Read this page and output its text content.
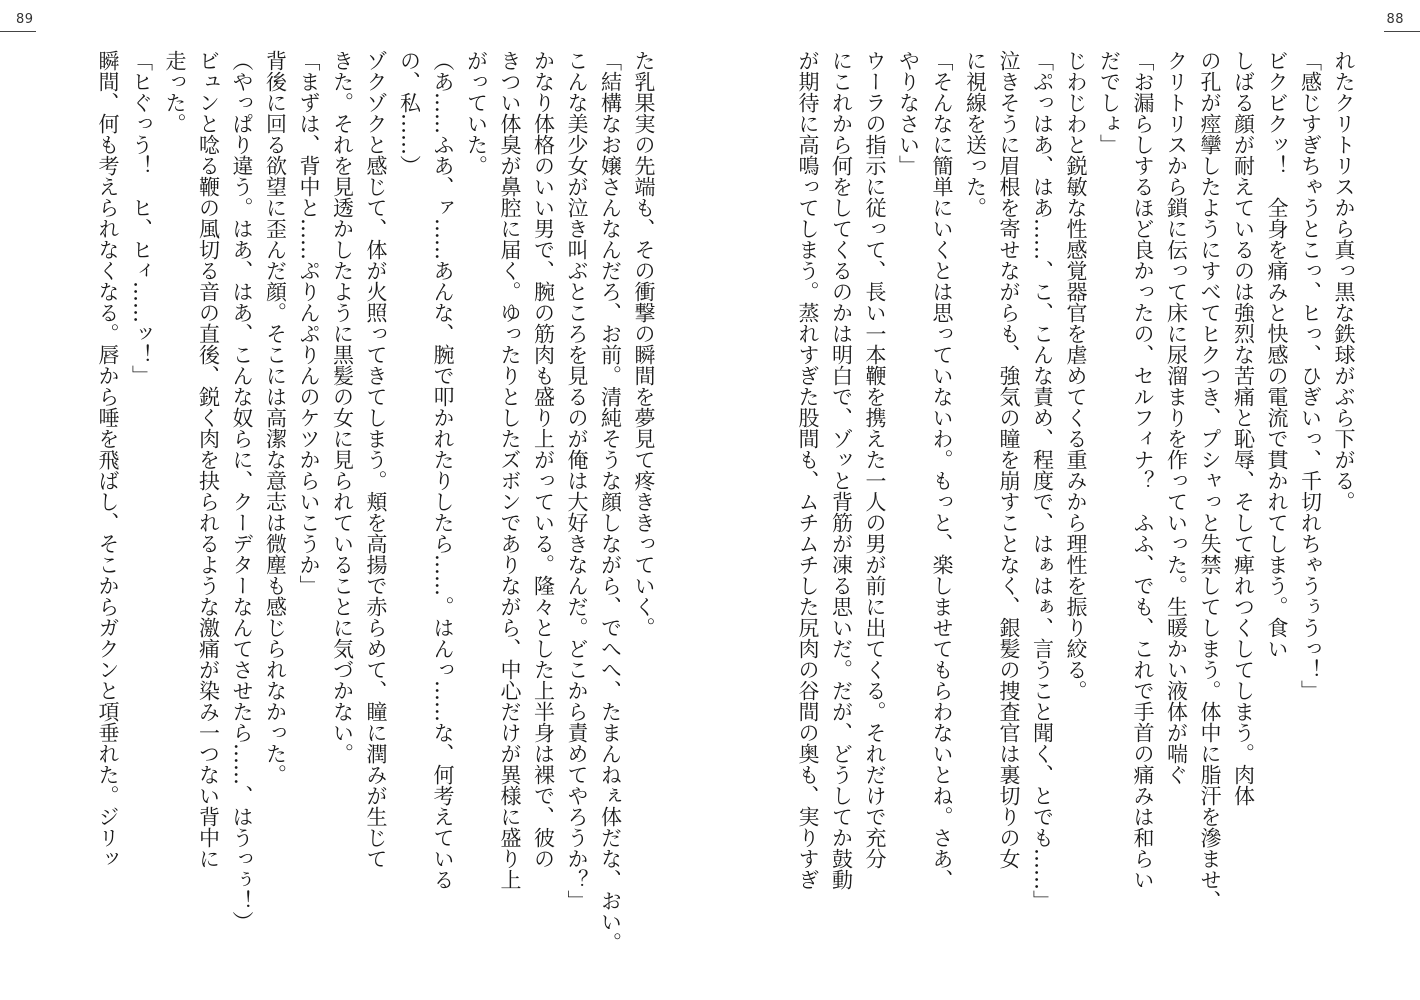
89	88

れたクリトリスから真っ黒な鉄球がぶら下がる。

「感じすぎちゃうとこっ、ヒっ、ひぎいっ、千切れちゃうぅうっ！」

ビクビクッ！　全身を痛みと快感の電流で貫かれてしまう。食い

しばる顔が耐えているのは強烈な苦痛と恥辱、そして痺れつくしてしまう。肉体

の孔が痙攣したようにすべてヒクつき、プシャっと失禁してしまう。体中に脂汗を滲ませ、

クリトリスから鎖に伝って床に尿溜まりを作っていった。生暖かい液体が喘ぐ

「お漏らしするほど良かったの、セルフィナ？　ふふ、でも、これで手首の痛みは和らい

だでしょ」

じわじわと鋭敏な性感覚器官を虐めてくる重みから理性を振り絞る。

「ぷっはあ、はあ……、こ、こんな責め、程度で、はぁはぁ、言うこと聞く、とでも……」

泣きそうに眉根を寄せながらも、強気の瞳を崩すことなく、銀髪の捜査官は裏切りの女

に視線を送った。

「そんなに簡単にいくとは思っていないわ。もっと、楽しませてもらわないとね。さあ、

やりなさい」

ウーラの指示に従って、長い一本鞭を携えた一人の男が前に出てくる。それだけで充分

にこれから何をしてくるのかは明白で、ゾッと背筋が凍る思いだ。だが、どうしてか鼓動

が期待に高鳴ってしまう。蒸れすぎた股間も、ムチムチした尻肉の谷間の奥も、実りすぎ

た乳果実の先端も、その衝撃の瞬間を夢見て疼ききっていく。

「結構なお嬢さんなんだろ、お前。清純そうな顔しながら、でへへ、たまんねぇ体だな、おい。

こんな美少女が泣き叫ぶところを見るのが俺は大好きなんだ。どこから責めてやろうか？」

かなり体格のいい男で、腕の筋肉も盛り上がっている。隆々とした上半身は裸で、彼の

きつい体臭が鼻腔に届く。ゆったりとしたズボンでありながら、中心だけが異様に盛り上

がっていた。

（あ……ふあ、ァ……あんな、腕で叩かれたりしたら……。はんっ……な、何考えている

の、私……）

ゾクゾクと感じて、体が火照ってきてしまう。頬を高揚で赤らめて、瞳に潤みが生じて

きた。それを見透かしたように黒髪の女に見られていることに気づかない。

「まずは、背中と……ぷりんぷりんのケツからいこうか」

背後に回る欲望に歪んだ顔。そこには高潔な意志は微塵も感じられなかった。

（やっぱり違う。はあ、はあ、こんな奴らに、クーデターなんてさせたら……、はうっぅ！）

ビュンと唸る鞭の風切る音の直後、鋭く肉を抉られるような激痛が染み一つない背中に

走った。

「ヒぐっう！　ヒ、ヒィ……ッ！」

瞬間、何も考えられなくなる。唇から唾を飛ばし、そこからガクンと項垂れた。ジリッ
